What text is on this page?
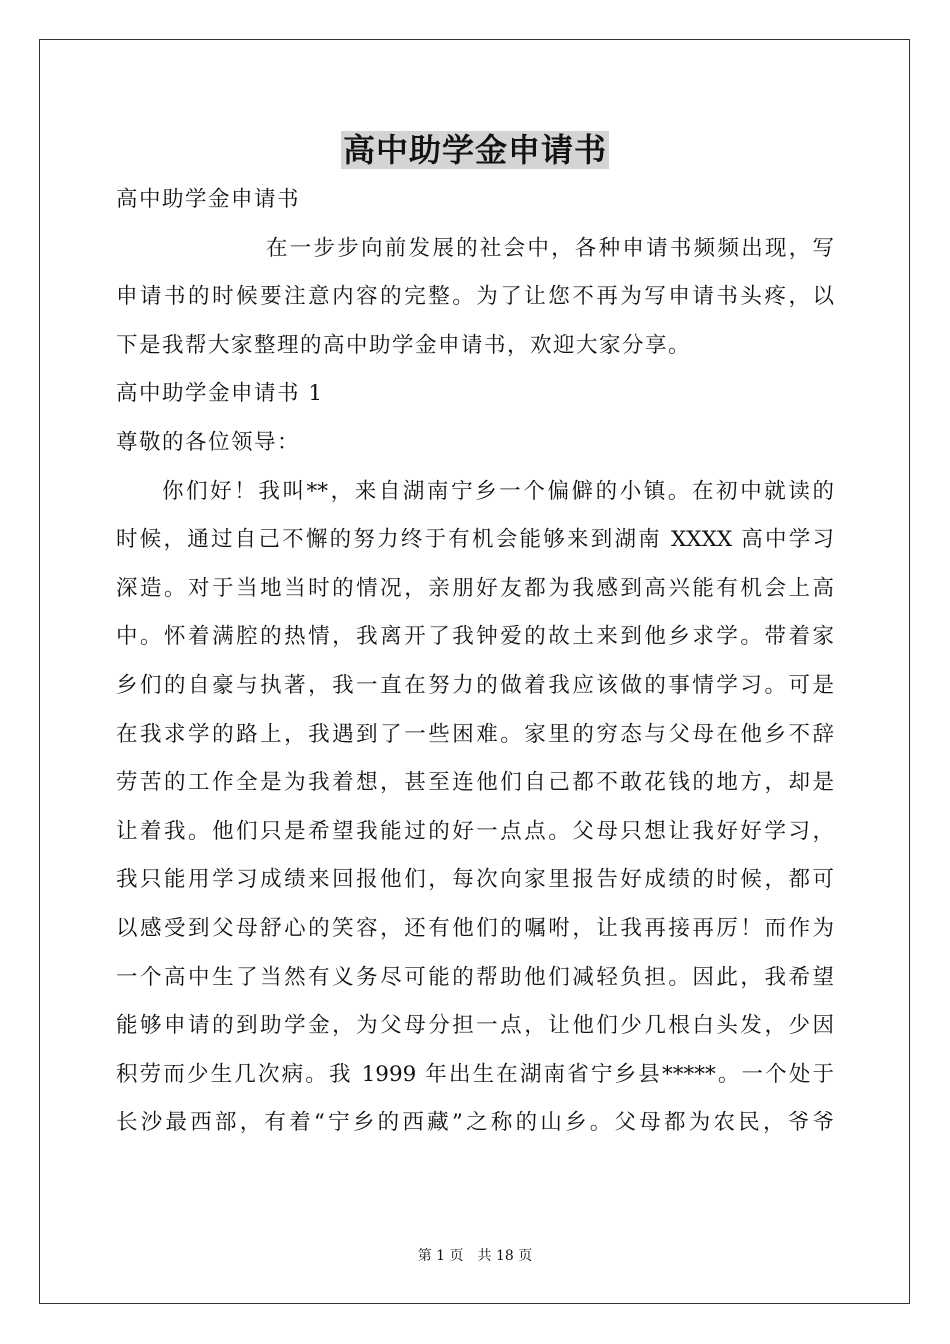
高中助学金申请书
高中助学金申请书
在一步步向前发展的社会中，各种申请书频频出现，写
申请书的时候要注意内容的完整。为了让您不再为写申请书头疼，以
下是我帮大家整理的高中助学金申请书，欢迎大家分享。
高中助学金申请书 1
尊敬的各位领导：
你们好！我叫**，来自湖南宁乡一个偏僻的小镇。在初中就读的
时候，通过自己不懈的努力终于有机会能够来到湖南 XXXX 高中学习
深造。对于当地当时的情况，亲朋好友都为我感到高兴能有机会上高
中。怀着满腔的热情，我离开了我钟爱的故土来到他乡求学。带着家
乡们的自豪与执著，我一直在努力的做着我应该做的事情学习。可是
在我求学的路上，我遇到了一些困难。家里的穷态与父母在他乡不辞
劳苦的工作全是为我着想，甚至连他们自己都不敢花钱的地方，却是
让着我。他们只是希望我能过的好一点点。父母只想让我好好学习，
我只能用学习成绩来回报他们，每次向家里报告好成绩的时候，都可
以感受到父母舒心的笑容，还有他们的嘱咐，让我再接再厉！而作为
一个高中生了当然有义务尽可能的帮助他们减轻负担。因此，我希望
能够申请的到助学金，为父母分担一点，让他们少几根白头发，少因
积劳而少生几次病。我 1999 年出生在湖南省宁乡县*****。一个处于
长沙最西部，有着“宁乡的西藏”之称的山乡。父母都为农民，爷爷
第 1 页　共 18 页
